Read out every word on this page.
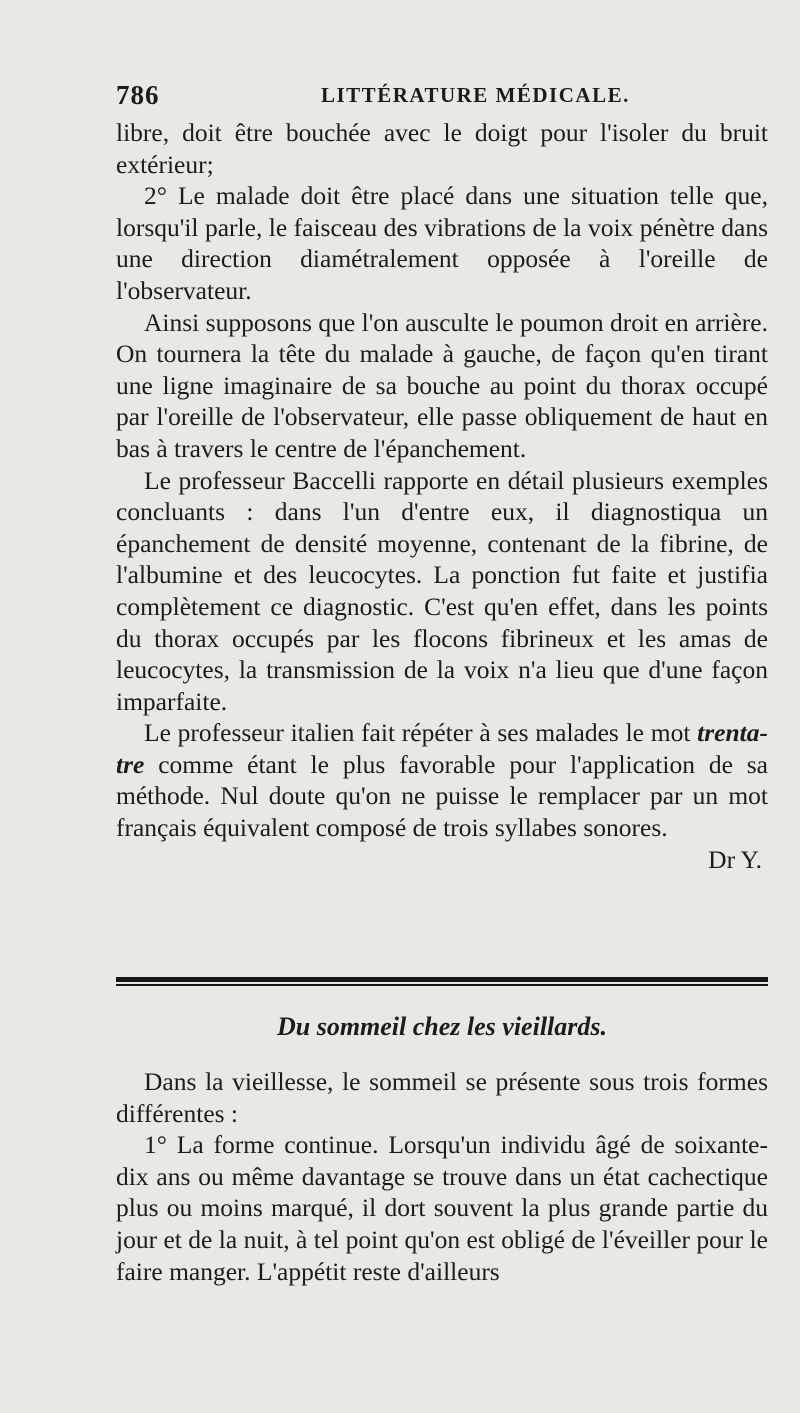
786	LITTÉRATURE MÉDICALE.

libre, doit être bouchée avec le doigt pour l'isoler du bruit extérieur;

2° Le malade doit être placé dans une situation telle que, lorsqu'il parle, le faisceau des vibrations de la voix pénètre dans une direction diamétralement opposée à l'oreille de l'observateur.

Ainsi supposons que l'on ausculte le poumon droit en arrière. On tournera la tête du malade à gauche, de façon qu'en tirant une ligne imaginaire de sa bouche au point du thorax occupé par l'oreille de l'observateur, elle passe obliquement de haut en bas à travers le centre de l'épanchement.

Le professeur Baccelli rapporte en détail plusieurs exemples concluants : dans l'un d'entre eux, il diagnostiqua un épanchement de densité moyenne, contenant de la fibrine, de l'albumine et des leucocytes. La ponction fut faite et justifia complètement ce diagnostic. C'est qu'en effet, dans les points du thorax occupés par les flocons fibrineux et les amas de leucocytes, la transmission de la voix n'a lieu que d'une façon imparfaite.

Le professeur italien fait répéter à ses malades le mot trenta-tre comme étant le plus favorable pour l'application de sa méthode. Nul doute qu'on ne puisse le remplacer par un mot français équivalent composé de trois syllabes sonores.

Dr Y.

Du sommeil chez les vieillards.

Dans la vieillesse, le sommeil se présente sous trois formes différentes :

1° La forme continue. Lorsqu'un individu âgé de soixante-dix ans ou même davantage se trouve dans un état cachectique plus ou moins marqué, il dort souvent la plus grande partie du jour et de la nuit, à tel point qu'on est obligé de l'éveiller pour le faire manger. L'appétit reste d'ailleurs
